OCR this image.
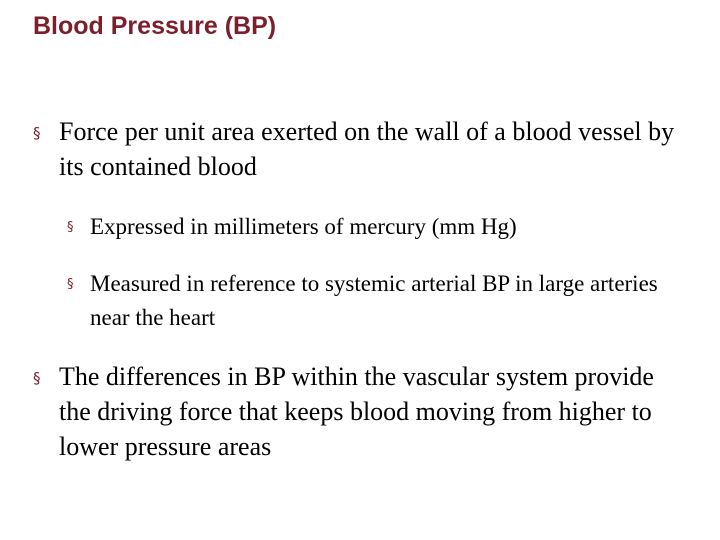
Blood Pressure (BP)
§ Force per unit area exerted on the wall of a blood vessel by its contained blood
§ Expressed in millimeters of mercury (mm Hg)
§ Measured in reference to systemic arterial BP in large arteries near the heart
§ The differences in BP within the vascular system provide the driving force that keeps blood moving from higher to lower pressure areas
